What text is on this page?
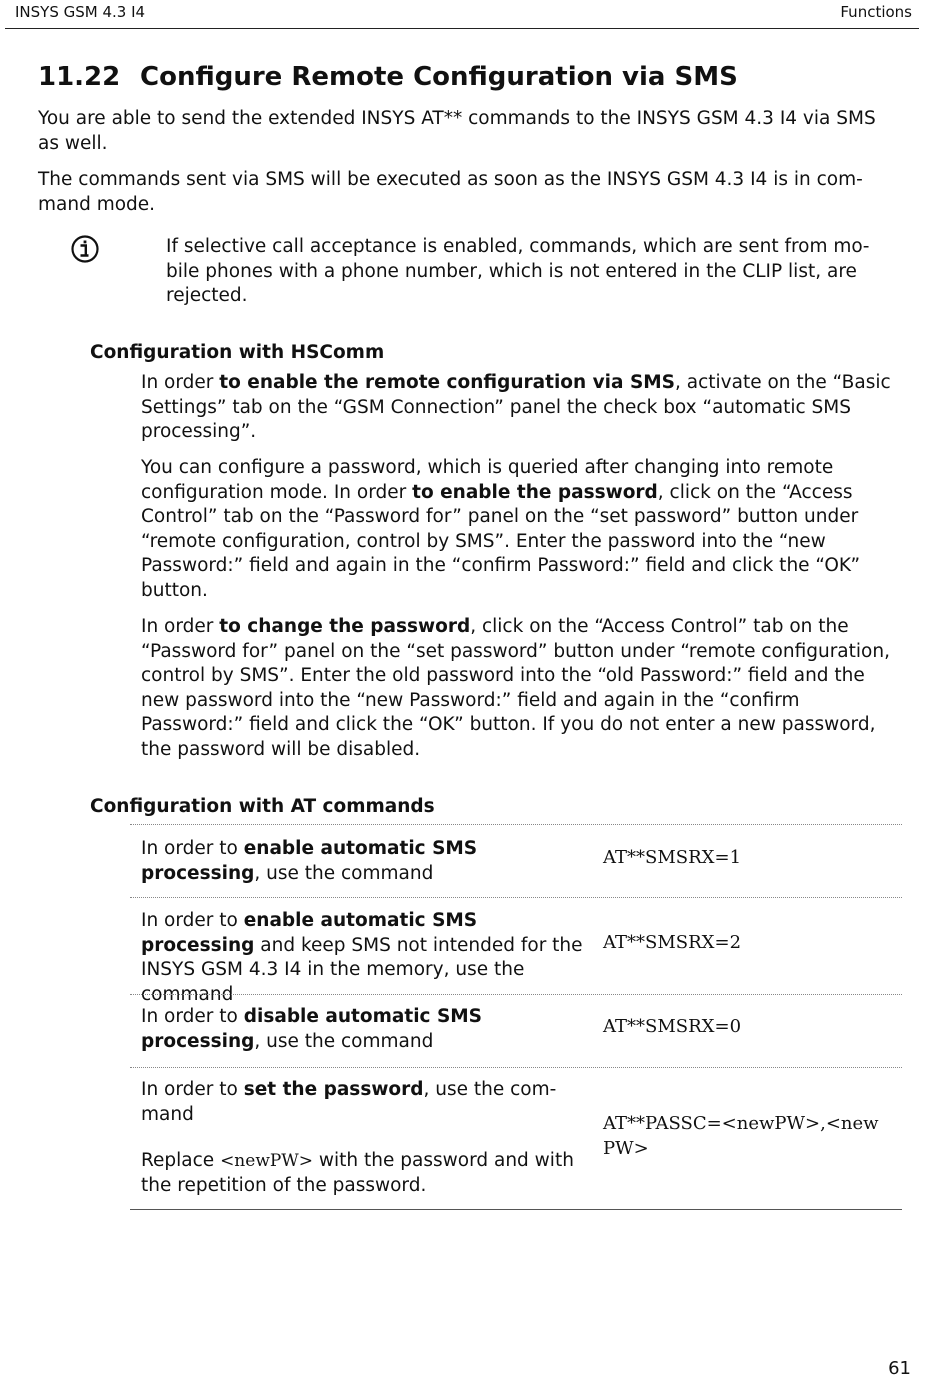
INSYS GSM 4.3 I4	Functions
11.22 Configure Remote Configuration via SMS

You are able to send the extended INSYS AT** commands to the INSYS GSM 4.3 I4 via SMS as well.

The commands sent via SMS will be executed as soon as the INSYS GSM 4.3 I4 is in command mode.

If selective call acceptance is enabled, commands, which are sent from mobile phones with a phone number, which is not entered in the CLIP list, are rejected.

Configuration with HSComm

In order to enable the remote configuration via SMS, activate on the “Basic Settings” tab on the “GSM Connection” panel the check box “automatic SMS processing”.

You can configure a password, which is queried after changing into remote configuration mode. In order to enable the password, click on the “Access Control” tab on the “Password for” panel on the “set password” button under “remote configuration, control by SMS”. Enter the password into the “new Password:” field and again in the “confirm Password:” field and click the “OK” button.

In order to change the password, click on the “Access Control” tab on the “Password for” panel on the “set password” button under “remote configuration, control by SMS”. Enter the old password into the “old Password:” field and the new password into the “new Password:” field and again in the “confirm Password:” field and click the “OK” button. If you do not enter a new password, the password will be disabled.

Configuration with AT commands

In order to enable automatic SMS processing, use the command

AT**SMSRX=1

In order to enable automatic SMS processing and keep SMS not intended for the INSYS GSM 4.3 I4 in the memory, use the command

AT**SMSRX=2

In order to disable automatic SMS processing, use the command

AT**SMSRX=0

In order to set the password, use the command

Replace <newPW> with the password and with the repetition of the password.

AT**PASSC=<newPW>,<new
PW>

61
